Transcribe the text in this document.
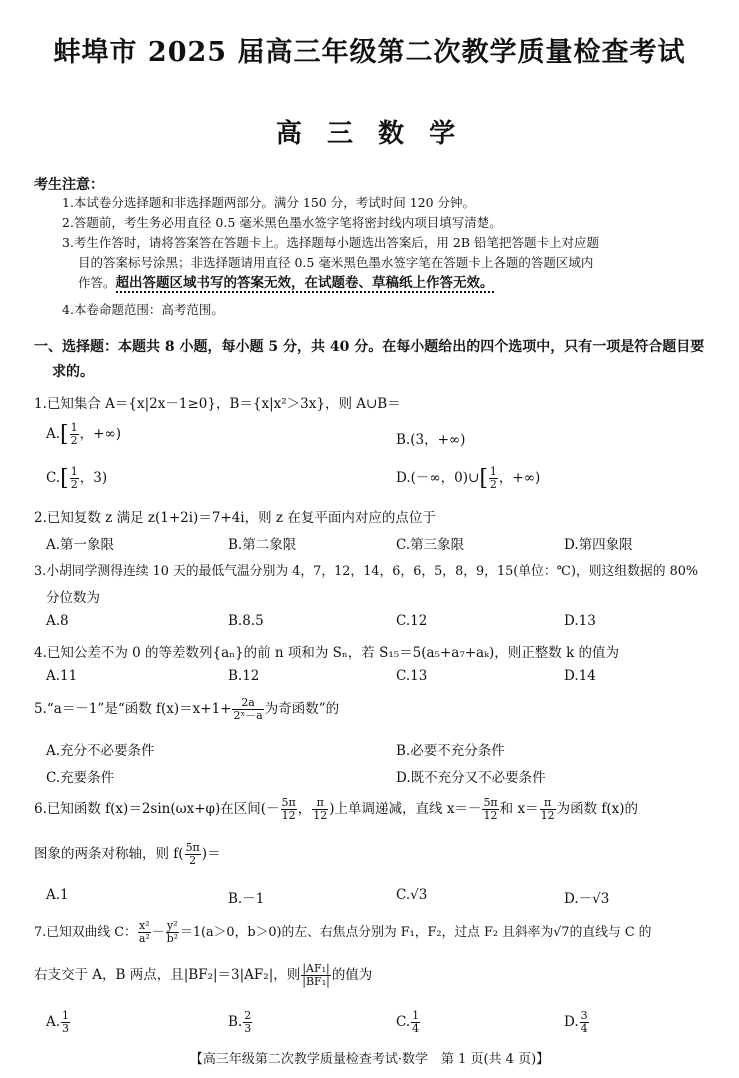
蚌埠市 2025 届高三年级第二次教学质量检查考试
高 三 数 学
考生注意：
1.本试卷分选择题和非选择题两部分。满分 150 分，考试时间 120 分钟。
2.答题前，考生务必用直径 0.5 毫米黑色墨水签字笔将密封线内项目填写清楚。
3.考生作答时，请将答案答在答题卡上。选择题每小题选出答案后，用 2B 铅笔把答题卡上对应题
目的答案标号涂黑；非选择题请用直径 0.5 毫米黑色墨水签字笔在答题卡上各题的答题区域内
作答。超出答题区域书写的答案无效，在试题卷、草稿纸上作答无效。
4.本卷命题范围：高考范围。
一、选择题：本题共 8 小题，每小题 5 分，共 40 分。在每小题给出的四个选项中，只有一项是符合题目要
求的。
1.已知集合 A＝{x|2x－1≥0}，B＝{x|x²＞3x}，则 A∪B＝
$A.[ \frac{1}{2}$ ，+∞)	B.(3，+∞)
$C.[ \frac{1}{2}$ ，3)	D.(－∞，0)∪[ $\frac{1}{2}$ ，+∞)
2.已知复数 z 满足 z(1+2i)＝7+4i，则 z 在复平面内对应的点位于
A.第一象限	B.第二象限	C.第三象限	D.第四象限
3.小胡同学测得连续 10 天的最低气温分别为 4，7，12，14，6，6，5，8，9，15(单位：℃)，则这组数据的 80%
分位数为
A.8	B.8.5	C.12	D.13
4.已知公差不为 0 的等差数列{aₙ}的前 n 项和为 Sₙ，若 S₁₅＝5(a₅+a₇+aₖ)，则正整数 k 的值为
A.11	B.12	C.13	D.14
5.“a＝－1”是“函数 $f(x)=x+1+ \frac{2a}{\text{2ˣ－a}}$ 为奇函数”的
A.充分不必要条件	B.必要不充分条件
C.充要条件	D.既不充分又不必要条件
6.已知函数 f(x)＝2sin(ωx+φ)在区间(－ $\frac{5\pi}{12}$ ， $\frac{\pi}{12}$ )上单调递减，直线 $x=- \frac{5\pi}{12}$ 和 $x= \frac{\pi}{12}$ 为函数 f(x)的
图象的两条对称轴，则 $f( \frac{5\pi}{2}$ )＝
A.1	B.－1	C.√3	D.－√3
7.已知双曲线 C： $\frac{\text{x²}}{\text{a²}} - \frac{\text{y²}}{\text{b²}} =1(a>0$，b＞0)的左、右焦点分别为 F₁，F₂，过点 F₂ 且斜率为√7的直线与 C 的
右支交于 A，B 两点，且|BF₂|＝3|AF₂|，则 $\frac{\text{|AF₁|}}{\text{|BF₁|}}$ 的值为
A. $\frac{1}{3}$	B. $\frac{2}{3}$	C. $\frac{1}{4}$	D. $\frac{3}{4}$
【高三年级第二次教学质量检查考试·数学　第 1 页(共 4 页)】
